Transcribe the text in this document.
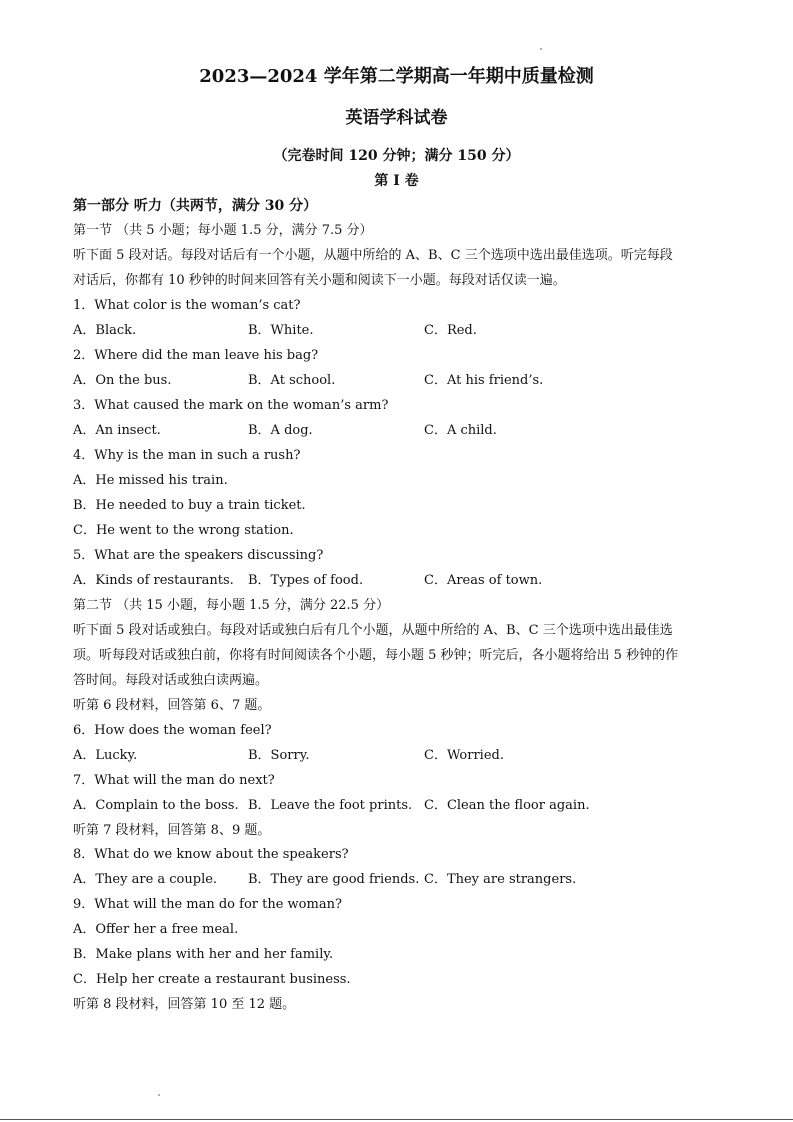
2023—2024 学年第二学期高一年期中质量检测
英语学科试卷
（完卷时间 120 分钟；满分 150 分）
第 I 卷
第一部分 听力（共两节，满分 30 分）
第一节 （共 5 小题；每小题 1.5 分，满分 7.5 分）
听下面 5 段对话。每段对话后有一个小题，从题中所给的 A、B、C 三个选项中选出最佳选项。听完每段
对话后，你都有 10 秒钟的时间来回答有关小题和阅读下一小题。每段对话仅读一遍。
1．What color is the woman’s cat?
A．Black.	B．White.	C．Red.
2．Where did the man leave his bag?
A．On the bus.	B．At school.	C．At his friend’s.
3．What caused the mark on the woman’s arm?
A．An insect.	B．A dog.	C．A child.
4．Why is the man in such a rush?
A．He missed his train.
B．He needed to buy a train ticket.
C．He went to the wrong station.
5．What are the speakers discussing?
A．Kinds of restaurants. B．Types of food.	C．Areas of town.
第二节 （共 15 小题，每小题 1.5 分，满分 22.5 分）
听下面 5 段对话或独白。每段对话或独白后有几个小题，从题中所给的 A、B、C 三个选项中选出最佳选
项。听每段对话或独白前，你将有时间阅读各个小题，每小题 5 秒钟；听完后，各小题将给出 5 秒钟的作
答时间。每段对话或独白读两遍。
听第 6 段材料，回答第 6、7 题。
6．How does the woman feel?
A．Lucky.	B．Sorry.	C．Worried.
7．What will the man do next?
A．Complain to the boss. B．Leave the foot prints. C．Clean the floor again.
听第 7 段材料，回答第 8、9 题。
8．What do we know about the speakers?
A．They are a couple. B．They are good friends. C．They are strangers.
9．What will the man do for the woman?
A．Offer her a free meal.
B．Make plans with her and her family.
C．Help her create a restaurant business.
听第 8 段材料，回答第 10 至 12 题。
